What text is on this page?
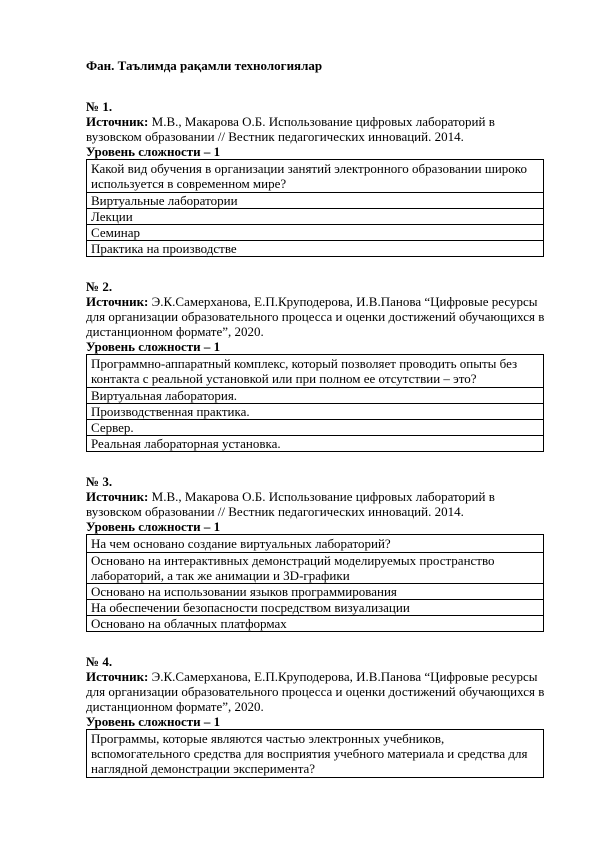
Фан. Таълимда рақамли технологиялар
№ 1.
Источник: М.В., Макарова О.Б. Использование цифровых лабораторий в вузовском образовании // Вестник педагогических инноваций. 2014.
Уровень сложности – 1
Какой вид обучения в организации занятий электронного образовании широко используется в современном мире?
Виртуальные лаборатории
Лекции
Семинар
Практика на производстве
№ 2.
Источник: Э.К.Самерханова, Е.П.Круподерова, И.В.Панова “Цифровые ресурсы для организации образовательного процесса и оценки достижений обучающихся в дистанционном формате”, 2020.
Уровень сложности – 1
Программно-аппаратный комплекс, который позволяет проводить опыты без контакта с реальной установкой или при полном ее отсутствии – это?
Виртуальная лаборатория.
Производственная практика.
Сервер.
Реальная лабораторная установка.
№ 3.
Источник: М.В., Макарова О.Б. Использование цифровых лабораторий в вузовском образовании // Вестник педагогических инноваций. 2014.
Уровень сложности – 1
На чем основано создание виртуальных лабораторий?
Основано на интерактивных демонстраций моделируемых пространство лабораторий, а так же анимации и 3D-графики
Основано на использовании языков программирования
На обеспечении безопасности посредством визуализации
Основано на облачных платформах
№ 4.
Источник: Э.К.Самерханова, Е.П.Круподерова, И.В.Панова “Цифровые ресурсы для организации образовательного процесса и оценки достижений обучающихся в дистанционном формате”, 2020.
Уровень сложности – 1
Программы, которые являются частью электронных учебников, вспомогательного средства для восприятия учебного материала и средства для наглядной демонстрации эксперимента?
